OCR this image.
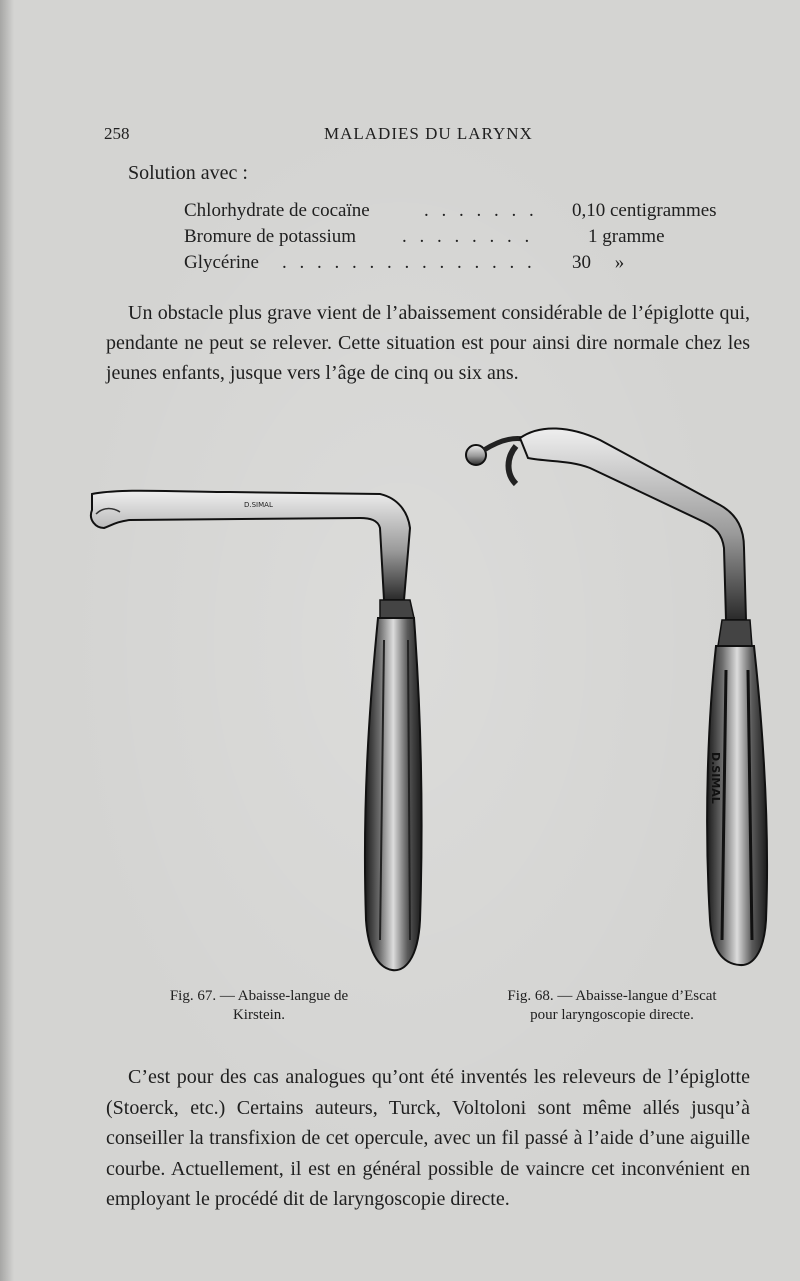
258	MALADIES DU LARYNX
Solution avec :
Chlorhydrate de cocaïne	. . . . . . . 0,10 centigrammes
Bromure de potassium . . . . . . . .	1 gramme
Glycérine . . . . . . . . . . . . . . . 30     »

Un obstacle plus grave vient de l’abaissement considérable de l’épiglotte qui, pendante ne peut se relever. Cette situation est pour ainsi dire normale chez les jeunes enfants, jusque vers l’âge de cinq ou six ans.

D.SIMAL
D.SIMAL
Fig. 67. — Abaisse-langue de
Kirstein.
Fig. 68. — Abaisse-langue d’Escat
pour laryngoscopie directe.

C’est pour des cas analogues qu’ont été inventés les releveurs de l’épiglotte (Stoerck, etc.) Certains auteurs, Turck, Voltoloni sont même allés jusqu’à conseiller la transfixion de cet opercule, avec un fil passé à l’aide d’une aiguille courbe. Actuellement, il est en général possible de vaincre cet inconvénient en employant le procédé dit de laryngoscopie directe.
